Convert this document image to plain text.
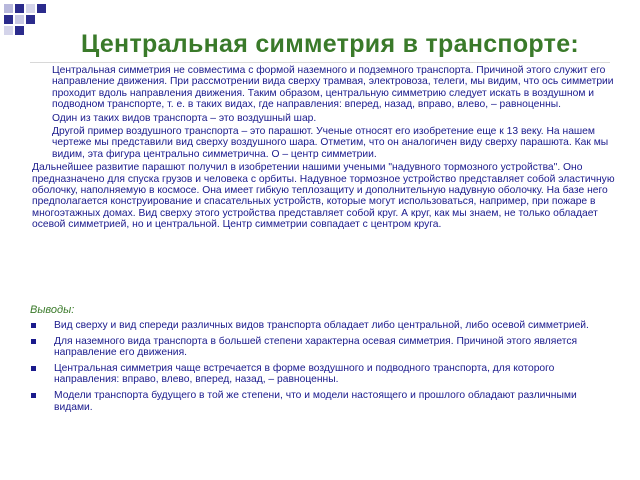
Центральная симметрия в транспорте:

Центральная симметрия не совместима с формой наземного и подземного транспорта. Причиной этого служит его направление движения. При рассмотрении вида сверху трамвая, электровоза, телеги, мы видим, что ось симметрии проходит вдоль направления движения. Таким образом, центральную симметрию следует искать в воздушном и подводном транспорте, т. е. в таких видах, где направления: вперед, назад, вправо, влево, – равноценны.

Один из таких видов транспорта – это воздушный шар.

Другой пример воздушного транспорта – это парашют. Ученые относят его изобретение еще к 13 веку. На нашем чертеже мы представили вид сверху воздушного шара. Отметим, что он аналогичен виду сверху парашюта. Как мы видим, эта фигура центрально симметрична. О – центр симметрии.

Дальнейшее развитие парашют получил в изобретении нашими учеными "надувного тормозного устройства". Оно предназначено для спуска грузов и человека с орбиты. Надувное тормозное устройство представляет собой эластичную оболочку, наполняемую в космосе. Она имеет гибкую теплозащиту и дополнительную надувную оболочку. На базе него предполагается конструирование и спасательных устройств, которые могут использоваться, например, при пожаре в многоэтажных домах. Вид сверху этого устройства представляет собой круг. А круг, как мы знаем, не только обладает осевой симметрией, но и центральной. Центр симметрии совпадает с центром круга.

Выводы:
Вид сверху и вид спереди различных видов транспорта обладает либо центральной, либо осевой симметрией.
Для наземного вида транспорта в большей степени характерна осевая симметрия. Причиной этого является направление его движения.
Центральная симметрия чаще встречается в форме воздушного и подводного транспорта, для которого направления: вправо, влево, вперед, назад, – равноценны.
Модели транспорта будущего в той же степени, что и модели настоящего и прошлого обладают различными видами.
